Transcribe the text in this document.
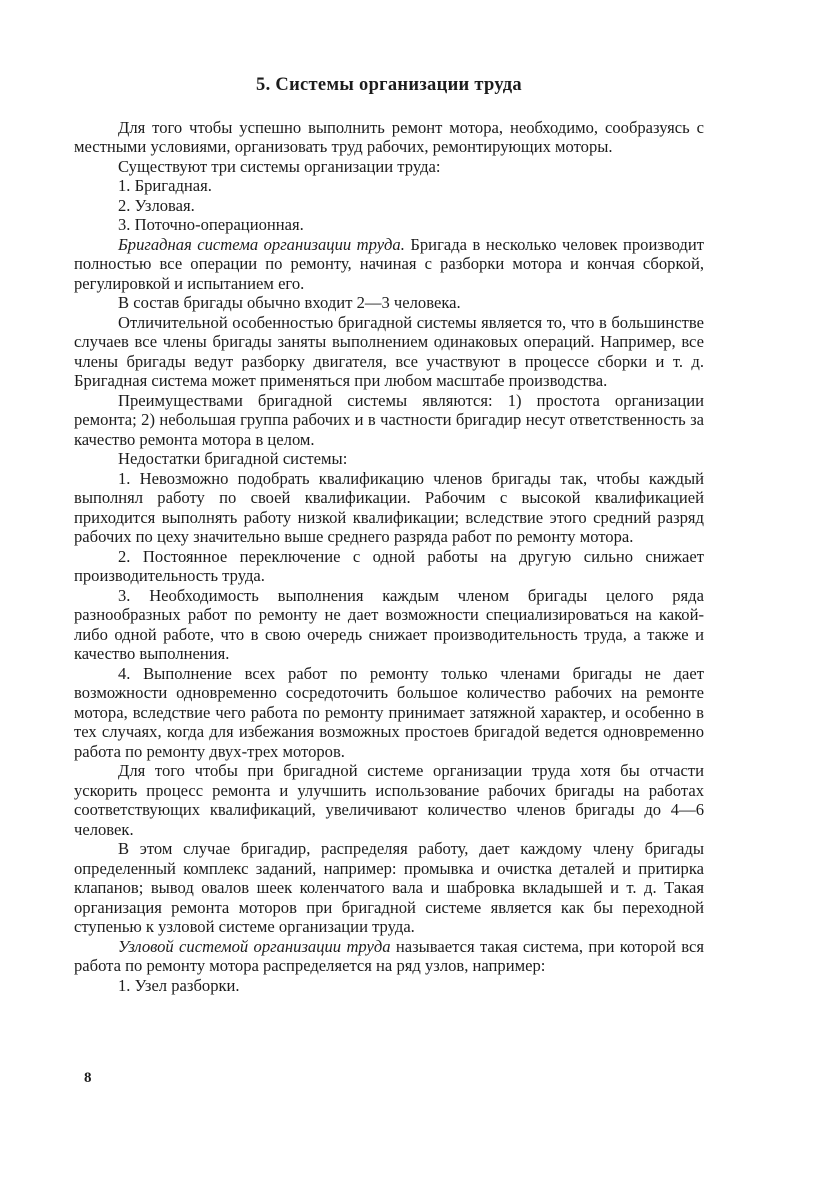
5. Системы организации труда

Для того чтобы успешно выполнить ремонт мотора, необходимо, сообразуясь с местными условиями, организовать труд рабочих, ремонтирующих моторы.

Существуют три системы организации труда:

1. Бригадная.

2. Узловая.

3. Поточно-операционная.

Бригадная система организации труда. Бригада в несколько человек производит полностью все операции по ремонту, начиная с разборки мотора и кончая сборкой, регулировкой и испытанием его.

В состав бригады обычно входит 2—3 человека.

Отличительной особенностью бригадной системы является то, что в большинстве случаев все члены бригады заняты выполнением одинаковых операций. Например, все члены бригады ведут разборку двигателя, все участвуют в процессе сборки и т. д. Бригадная система может применяться при любом масштабе производства.

Преимуществами бригадной системы являются: 1) простота организации ремонта; 2) небольшая группа рабочих и в частности бригадир несут ответственность за качество ремонта мотора в целом.

Недостатки бригадной системы:

1. Невозможно подобрать квалификацию членов бригады так, чтобы каждый выполнял работу по своей квалификации. Рабочим с высокой квалификацией приходится выполнять работу низкой квалификации; вследствие этого средний разряд рабочих по цеху значительно выше среднего разряда работ по ремонту мотора.

2. Постоянное переключение с одной работы на другую сильно снижает производительность труда.

3. Необходимость выполнения каждым членом бригады целого ряда разнообразных работ по ремонту не дает возможности специализироваться на какой-либо одной работе, что в свою очередь снижает производительность труда, а также и качество выполнения.

4. Выполнение всех работ по ремонту только членами бригады не дает возможности одновременно сосредоточить большое количество рабочих на ремонте мотора, вследствие чего работа по ремонту принимает затяжной характер, и особенно в тех случаях, когда для избежания возможных простоев бригадой ведется одновременно работа по ремонту двух-трех моторов.

Для того чтобы при бригадной системе организации труда хотя бы отчасти ускорить процесс ремонта и улучшить использование рабочих бригады на работах соответствующих квалификаций, увеличивают количество членов бригады до 4—6 человек.

В этом случае бригадир, распределяя работу, дает каждому члену бригады определенный комплекс заданий, например: промывка и очистка деталей и притирка клапанов; вывод овалов шеек коленчатого вала и шабровка вкладышей и т. д. Такая организация ремонта моторов при бригадной системе является как бы переходной ступенью к узловой системе организации труда.

Узловой системой организации труда называется такая система, при которой вся работа по ремонту мотора распределяется на ряд узлов, например:

1. Узел разборки.

8
